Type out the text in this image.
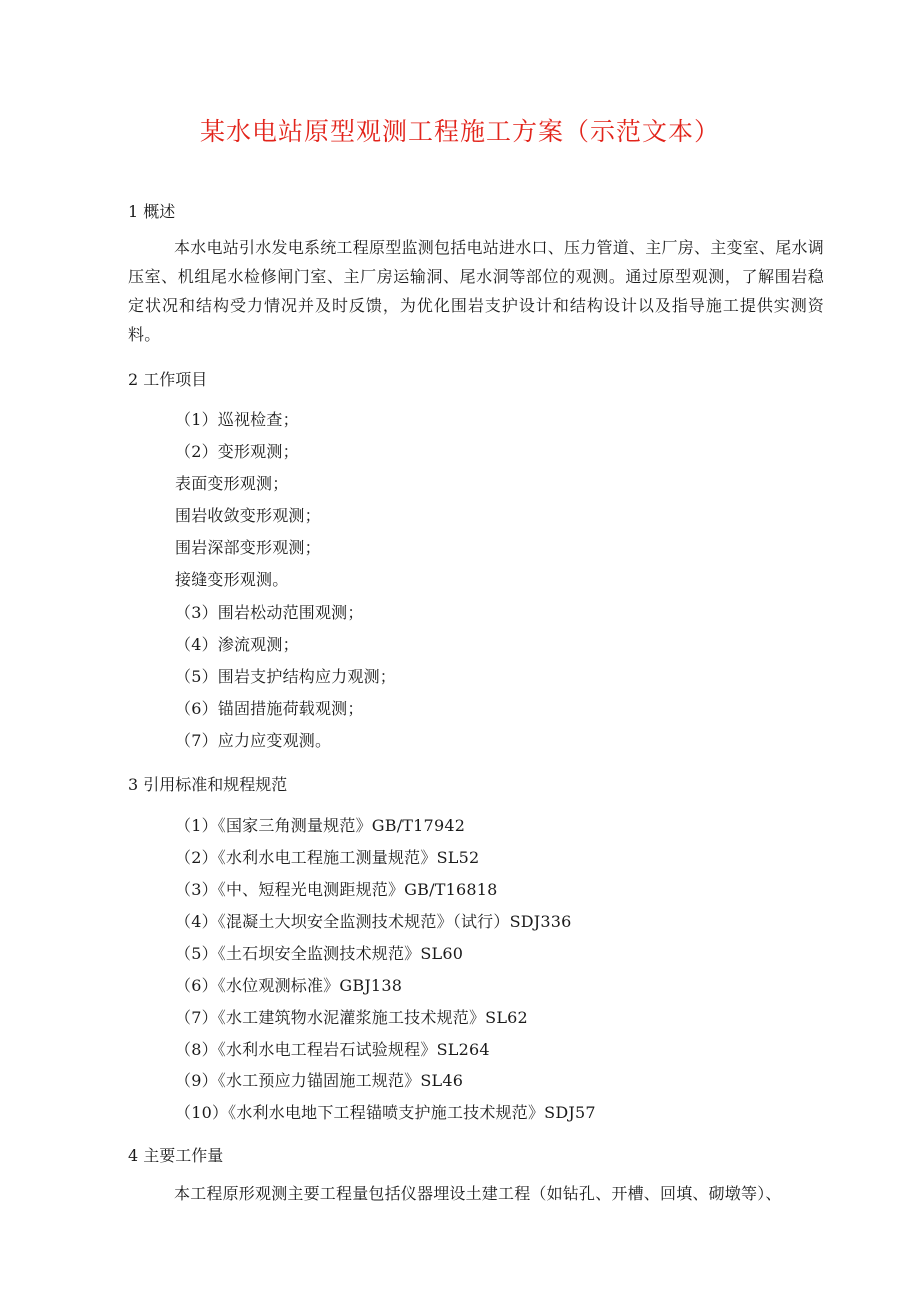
某水电站原型观测工程施工方案（示范文本）
1 概述
本水电站引水发电系统工程原型监测包括电站进水口、压力管道、主厂房、主变室、尾水调压室、机组尾水检修闸门室、主厂房运输洞、尾水洞等部位的观测。通过原型观测，了解围岩稳定状况和结构受力情况并及时反馈，为优化围岩支护设计和结构设计以及指导施工提供实测资料。
2 工作项目
（1）巡视检查；
（2）变形观测；
表面变形观测；
围岩收敛变形观测；
围岩深部变形观测；
接缝变形观测。
（3）围岩松动范围观测；
（4）渗流观测；
（5）围岩支护结构应力观测；
（6）锚固措施荷载观测；
（7）应力应变观测。
3 引用标准和规程规范
（1）《国家三角测量规范》GB/T17942
（2）《水利水电工程施工测量规范》SL52
（3）《中、短程光电测距规范》GB/T16818
（4）《混凝土大坝安全监测技术规范》（试行）SDJ336
（5）《土石坝安全监测技术规范》SL60
（6）《水位观测标准》GBJ138
（7）《水工建筑物水泥灌浆施工技术规范》SL62
（8）《水利水电工程岩石试验规程》SL264
（9）《水工预应力锚固施工规范》SL46
（10）《水利水电地下工程锚喷支护施工技术规范》SDJ57
4 主要工作量
本工程原形观测主要工程量包括仪器埋设土建工程（如钻孔、开槽、回填、砌墩等）、
